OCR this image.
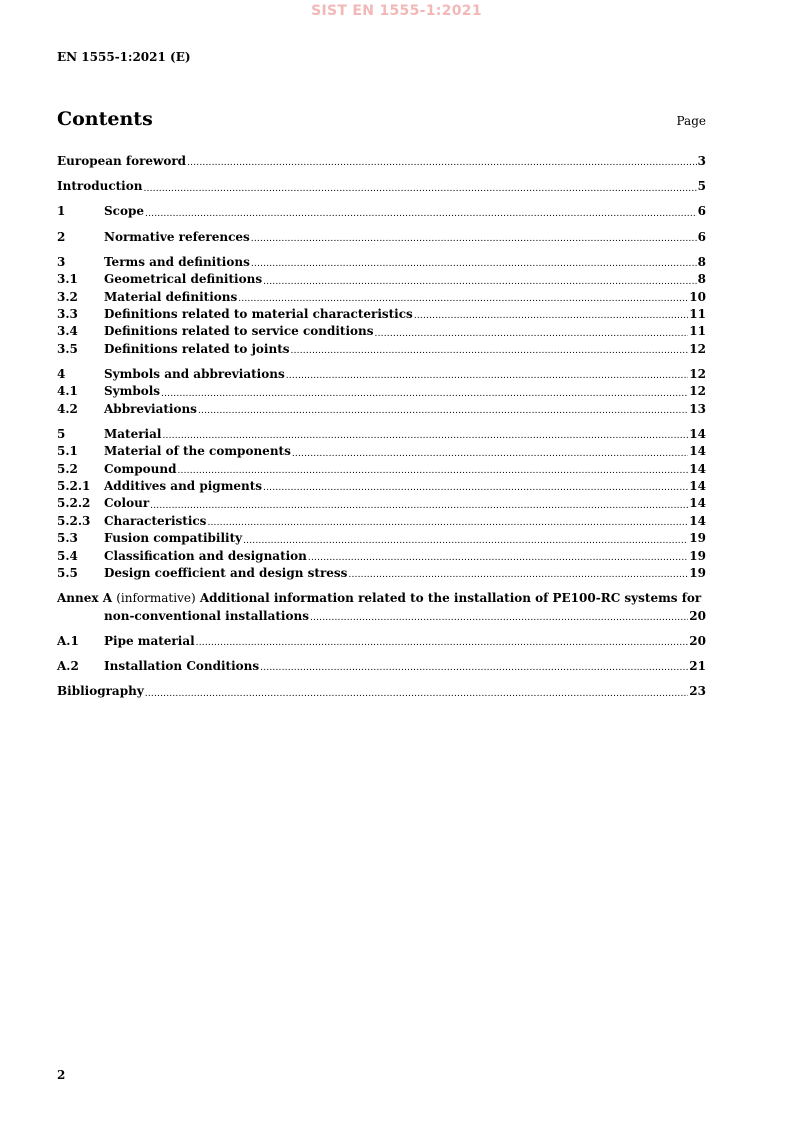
SIST EN 1555-1:2021
EN 1555-1:2021 (E)
Contents	Page
European foreword .....	3
Introduction .....	5
1	Scope .....	6
2	Normative references .....	6
3	Terms and definitions .....	8
3.1	Geometrical definitions .....	8
3.2	Material definitions .....	10
3.3	Definitions related to material characteristics .....	11
3.4	Definitions related to service conditions .....	11
3.5	Definitions related to joints .....	12
4	Symbols and abbreviations .....	12
4.1	Symbols .....	12
4.2	Abbreviations .....	13
5	Material .....	14
5.1	Material of the components .....	14
5.2	Compound .....	14
5.2.1	Additives and pigments .....	14
5.2.2	Colour .....	14
5.2.3	Characteristics .....	14
5.3	Fusion compatibility .....	19
5.4	Classification and designation .....	19
5.5	Design coefficient and design stress .....	19
Annex A (informative) Additional information related to the installation of PE100-RC systems for
non-conventional installations .....	20
A.1	Pipe material .....	20
A.2	Installation Conditions .....	21
Bibliography .....	23
2
